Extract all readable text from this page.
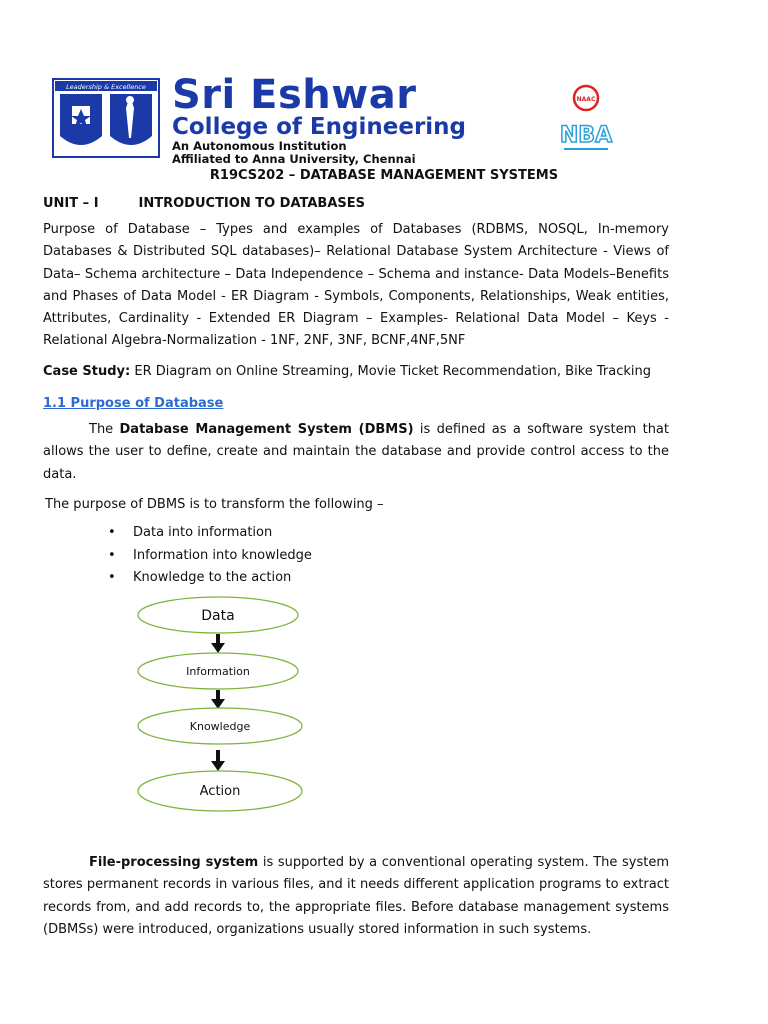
Leadership & Excellence Sri Eshwar
College of Engineering
An Autonomous Institution
Affiliated to Anna University, Chennai
NAAC
NBA
R19CS202 – DATABASE MANAGEMENT SYSTEMS
UNIT – I	INTRODUCTION TO DATABASES
Purpose of Database – Types and examples of Databases (RDBMS, NOSQL, In-memory Databases & Distributed SQL databases)– Relational Database System Architecture - Views of Data– Schema architecture – Data Independence – Schema and instance- Data Models–Benefits and Phases of Data Model - ER Diagram - Symbols, Components, Relationships, Weak entities, Attributes, Cardinality - Extended ER Diagram – Examples- Relational Data Model – Keys - Relational Algebra-Normalization - 1NF, 2NF, 3NF, BCNF,4NF,5NF
Case Study: ER Diagram on Online Streaming, Movie Ticket Recommendation, Bike Tracking
1.1 Purpose of Database
The Database Management System (DBMS) is defined as a software system that allows the user to define, create and maintain the database and provide control access to the data.
The purpose of DBMS is to transform the following –
• Data into information
• Information into knowledge
• Knowledge to the action
Data
Information
Knowledge
Action
File-processing system is supported by a conventional operating system. The system stores permanent records in various files, and it needs different application programs to extract records from, and add records to, the appropriate files. Before database management systems (DBMSs) were introduced, organizations usually stored information in such systems.
